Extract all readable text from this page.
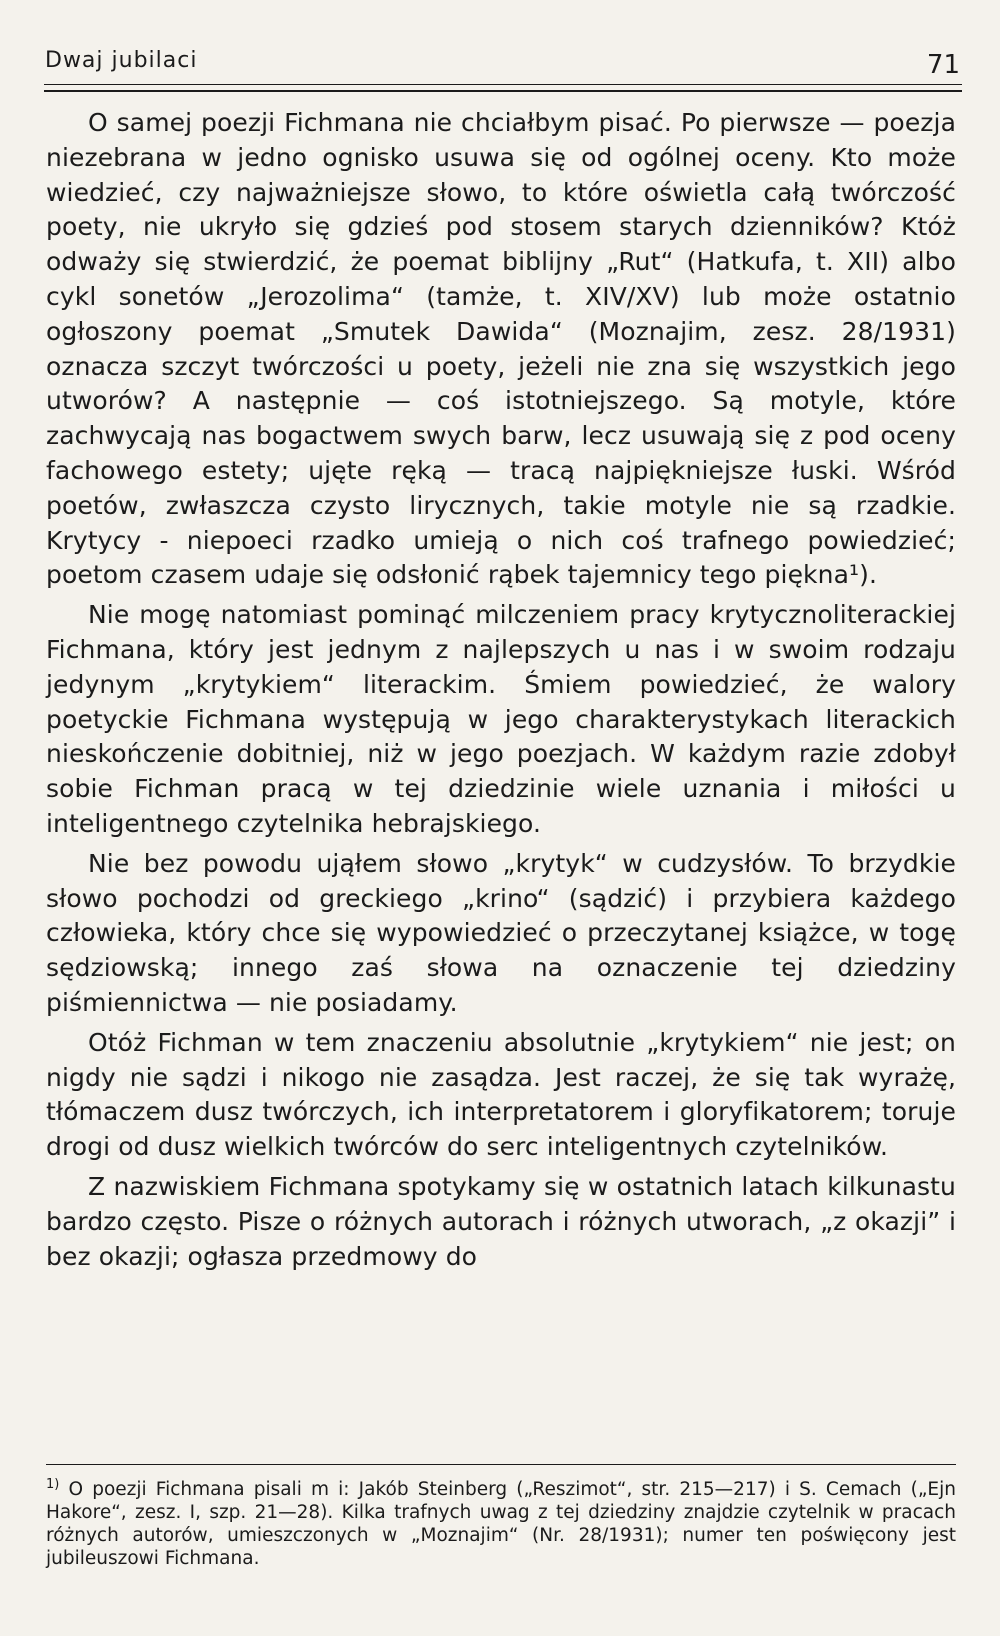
Dwaj jubilaci	71

O samej poezji Fichmana nie chciałbym pisać. Po pierwsze — poezja niezebrana w jedno ognisko usuwa się od ogólnej oceny. Kto może wiedzieć, czy najważniejsze słowo, to które oświetla całą twórczość poety, nie ukryło się gdzieś pod stosem starych dzienników? Któż odważy się stwierdzić, że poemat biblijny „Rut“ (Hatkufa, t. XII) albo cykl sonetów „Jerozolima“ (tamże, t. XIV/XV) lub może ostatnio ogłoszony poemat „Smutek Dawida“ (Moznajim, zesz. 28/1931) oznacza szczyt twórczości u poety, jeżeli nie zna się wszystkich jego utworów? A następnie — coś istotniejszego. Są motyle, które zachwycają nas bogactwem swych barw, lecz usuwają się z pod oceny fachowego estety; ujęte ręką — tracą najpiękniejsze łuski. Wśród poetów, zwłaszcza czysto lirycznych, takie motyle nie są rzadkie. Krytycy - niepoeci rzadko umieją o nich coś trafnego powiedzieć; poetom czasem udaje się odsłonić rąbek tajemnicy tego piękna¹).

Nie mogę natomiast pominąć milczeniem pracy krytycznoliterackiej Fichmana, który jest jednym z najlepszych u nas i w swoim rodzaju jedynym „krytykiem“ literackim. Śmiem powiedzieć, że walory poetyckie Fichmana występują w jego charakterystykach literackich nieskończenie dobitniej, niż w jego poezjach. W każdym razie zdobył sobie Fichman pracą w tej dziedzinie wiele uznania i miłości u inteligentnego czytelnika hebrajskiego.

Nie bez powodu ująłem słowo „krytyk“ w cudzysłów. To brzydkie słowo pochodzi od greckiego „krino“ (sądzić) i przybiera każdego człowieka, który chce się wypowiedzieć o przeczytanej książce, w togę sędziowską; innego zaś słowa na oznaczenie tej dziedziny piśmiennictwa — nie posiadamy.

Otóż Fichman w tem znaczeniu absolutnie „krytykiem“ nie jest; on nigdy nie sądzi i nikogo nie zasądza. Jest raczej, że się tak wyrażę, tłómaczem dusz twórczych, ich interpretatorem i gloryfikatorem; toruje drogi od dusz wielkich twórców do serc inteligentnych czytelników.

Z nazwiskiem Fichmana spotykamy się w ostatnich latach kilkunastu bardzo często. Pisze o różnych autorach i różnych utworach, „z okazji” i bez okazji; ogłasza przedmowy do

$^{1)}$ O poezji Fichmana pisali m i: Jakób Steinberg („Reszimot“, str. 215—217) i S. Cemach („Ejn Hakore“, zesz. I, szp. 21—28). Kilka trafnych uwag z tej dziedziny znajdzie czytelnik w pracach różnych autorów, umieszczonych w „Moznajim“ (Nr. 28/1931); numer ten poświęcony jest jubileuszowi Fichmana.
